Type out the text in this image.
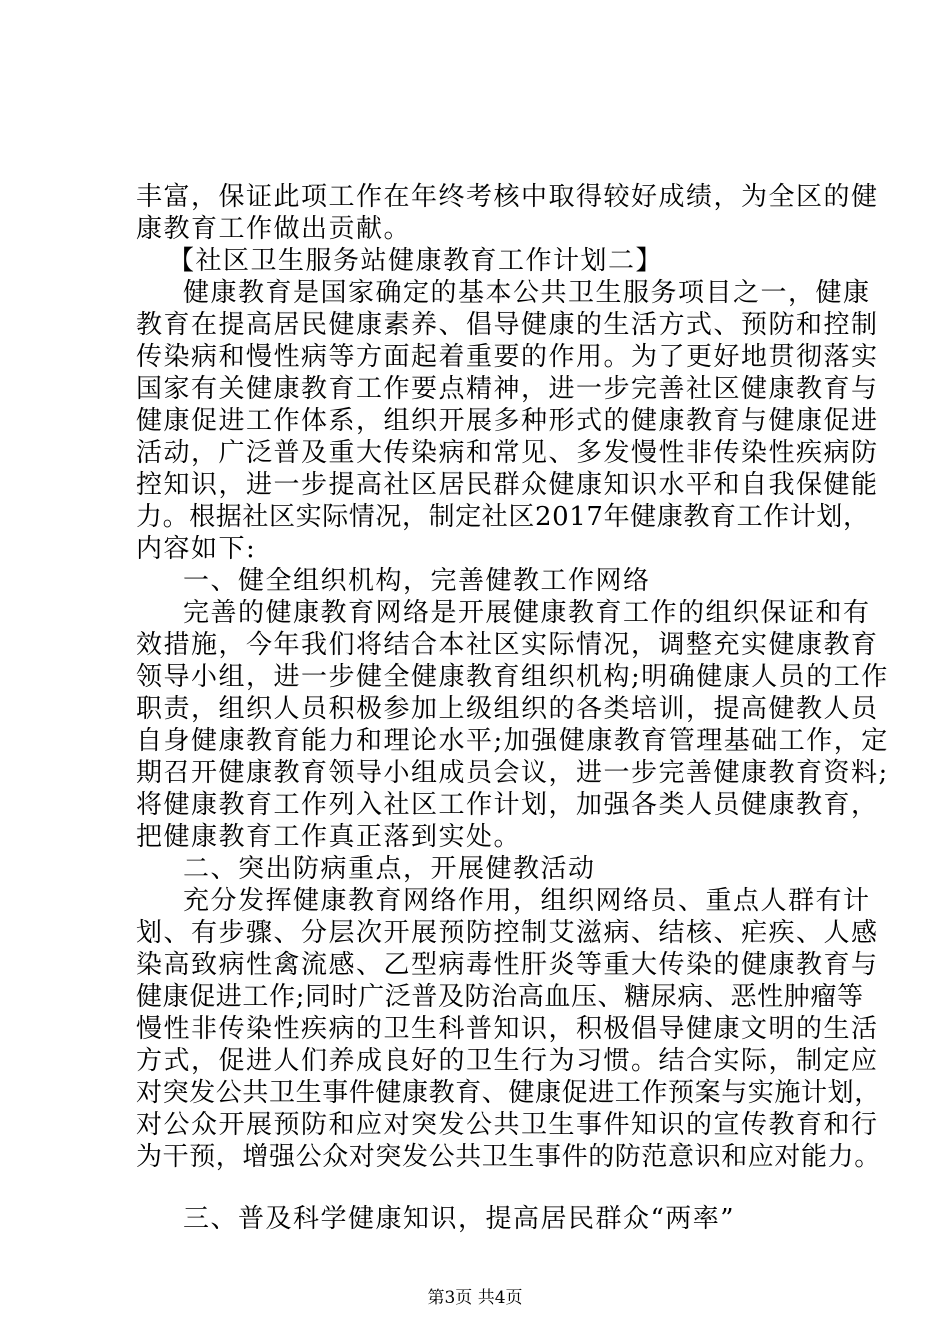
丰富，保证此项工作在年终考核中取得较好成绩，为全区的健
康教育工作做出贡献。
【社区卫生服务站健康教育工作计划二】
健康教育是国家确定的基本公共卫生服务项目之一，健康
教育在提高居民健康素养、倡导健康的生活方式、预防和控制
传染病和慢性病等方面起着重要的作用。为了更好地贯彻落实
国家有关健康教育工作要点精神，进一步完善社区健康教育与
健康促进工作体系，组织开展多种形式的健康教育与健康促进
活动，广泛普及重大传染病和常见、多发慢性非传染性疾病防
控知识，进一步提高社区居民群众健康知识水平和自我保健能
力。根据社区实际情况，制定社区2017年健康教育工作计划，
内容如下:
一、健全组织机构，完善健教工作网络
完善的健康教育网络是开展健康教育工作的组织保证和有
效措施，今年我们将结合本社区实际情况，调整充实健康教育
领导小组，进一步健全健康教育组织机构;明确健康人员的工作
职责，组织人员积极参加上级组织的各类培训，提高健教人员
自身健康教育能力和理论水平;加强健康教育管理基础工作，定
期召开健康教育领导小组成员会议，进一步完善健康教育资料;
将健康教育工作列入社区工作计划，加强各类人员健康教育，
把健康教育工作真正落到实处。
二、突出防病重点，开展健教活动
充分发挥健康教育网络作用，组织网络员、重点人群有计
划、有步骤、分层次开展预防控制艾滋病、结核、疟疾、人感
染高致病性禽流感、乙型病毒性肝炎等重大传染的健康教育与
健康促进工作;同时广泛普及防治高血压、糖尿病、恶性肿瘤等
慢性非传染性疾病的卫生科普知识，积极倡导健康文明的生活
方式，促进人们养成良好的卫生行为习惯。结合实际，制定应
对突发公共卫生事件健康教育、健康促进工作预案与实施计划，
对公众开展预防和应对突发公共卫生事件知识的宣传教育和行
为干预，增强公众对突发公共卫生事件的防范意识和应对能力。
三、普及科学健康知识，提高居民群众“两率”
第3页 共4页
